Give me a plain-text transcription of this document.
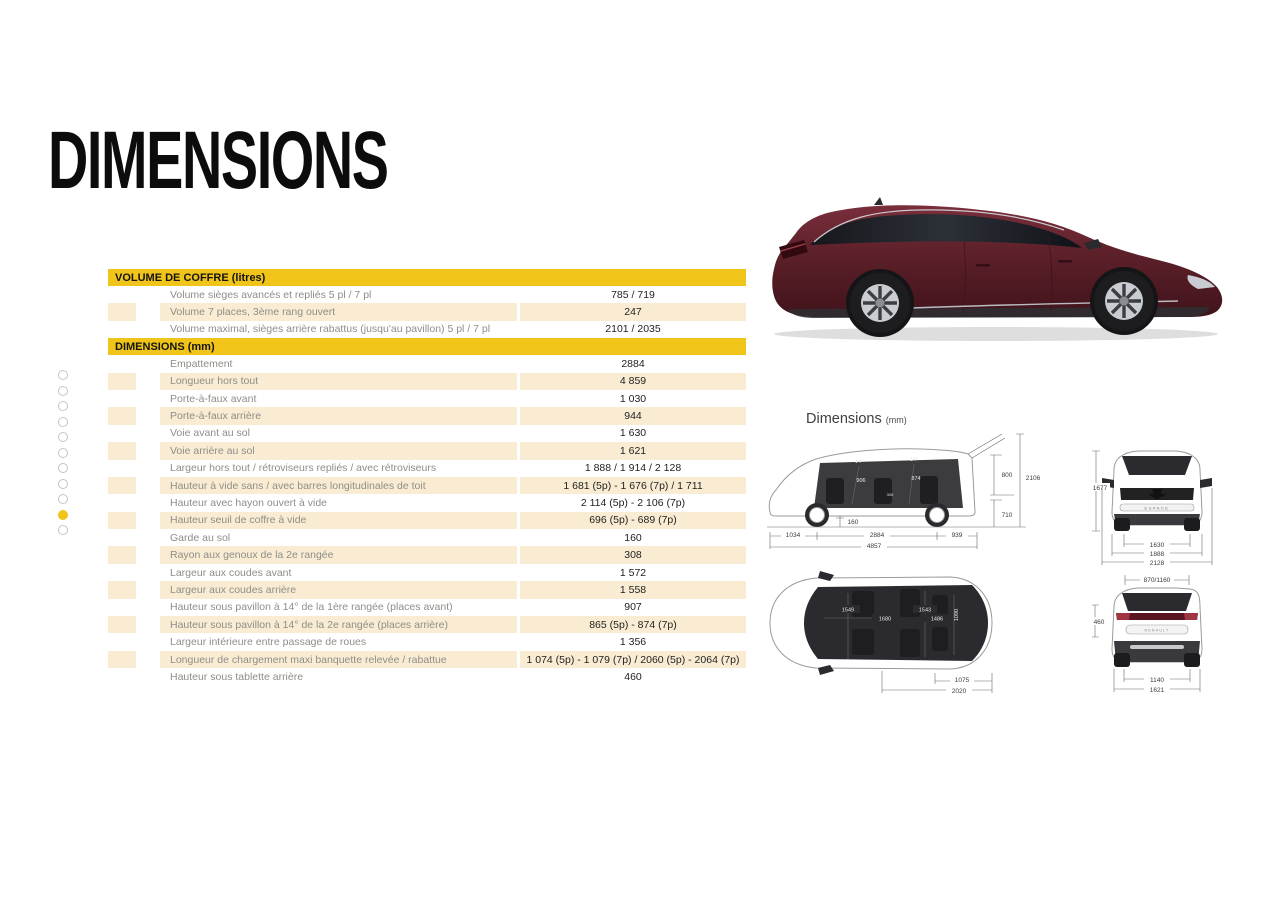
DIMENSIONS
VOLUME DE COFFRE (litres)
Volume sièges avancés et repliés 5 pl / 7 pl	785 / 719
Volume 7 places, 3ème rang ouvert	247
Volume maximal, sièges arrière rabattus (jusqu'au pavillon) 5 pl / 7 pl	2101 / 2035
DIMENSIONS (mm)
Empattement	2884
Longueur hors tout	4 859
Porte-à-faux avant	1 030
Porte-à-faux arrière	944
Voie avant au sol	1 630
Voie arrière au sol	1 621
Largeur hors tout / rétroviseurs repliés / avec rétroviseurs	1 888 / 1 914 / 2 128
Hauteur à vide sans / avec barres longitudinales de toit	1 681 (5p) - 1 676 (7p) / 1 711
Hauteur avec hayon ouvert à vide	2 114 (5p) - 2 106 (7p)
Hauteur seuil de coffre à vide	696 (5p) - 689 (7p)
Garde au sol	160
Rayon aux genoux de la 2e rangée	308
Largeur aux coudes avant	1 572
Largeur aux coudes arrière	1 558
Hauteur sous pavillon à 14° de la 1ère rangée (places avant)	907
Hauteur sous pavillon à 14° de la 2e rangée (places arrière)	865 (5p) - 874 (7p)
Largeur intérieure entre passage de roues	1 356
Longueur de chargement maxi banquette relevée / rabattue	1 074 (5p) - 1 079 (7p) / 2060 (5p) - 2064 (7p)
Hauteur sous tablette arrière	460
Dimensions (mm)
14°	14°
906	874
308
800 2106
710
160
1034	2884	939
4857
ESPACE
1677
1630
1888
2128
1549	1543	1090
1680	1486
1075
2020
RENAULT
870/1160
460
1140
1621
